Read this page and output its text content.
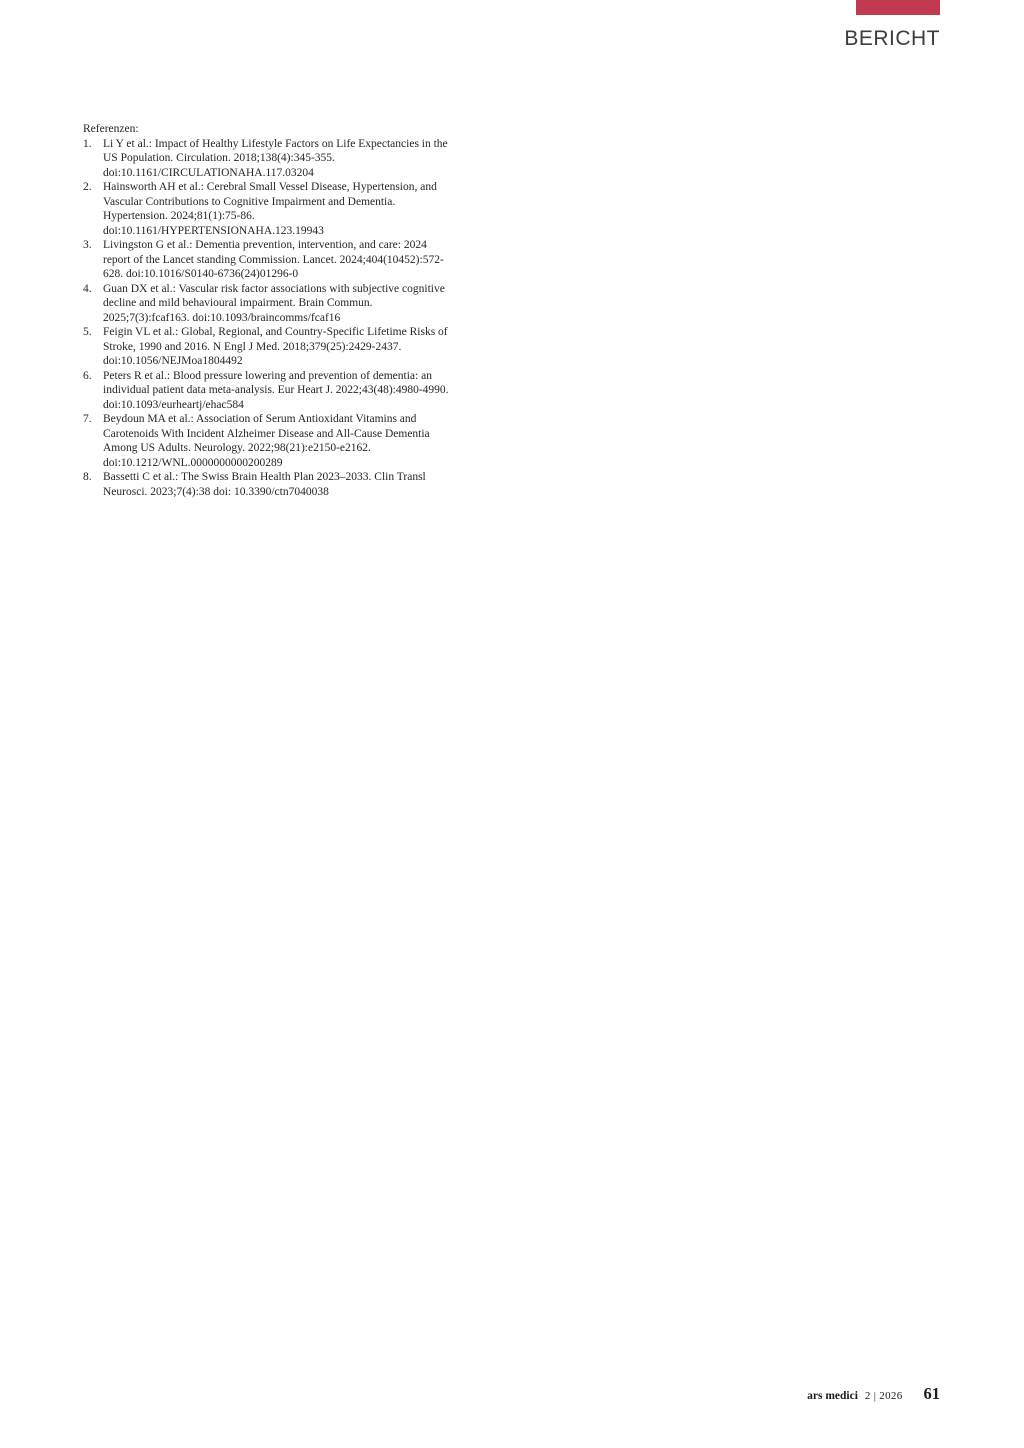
BERICHT

Referenzen:

1. Li Y et al.: Impact of Healthy Lifestyle Factors on Life Expectancies in the US Population. Circulation. 2018;138(4):345-355. doi:10.1161/CIRCULATIONAHA.117.03204
2. Hainsworth AH et al.: Cerebral Small Vessel Disease, Hypertension, and Vascular Contributions to Cognitive Impairment and Dementia. Hypertension. 2024;81(1):75-86. doi:10.1161/HYPERTENSIONAHA.123.19943
3. Livingston G et al.: Dementia prevention, intervention, and care: 2024 report of the Lancet standing Commission. Lancet. 2024;404(10452):572-628. doi:10.1016/S0140-6736(24)01296-0
4. Guan DX et al.: Vascular risk factor associations with subjective cognitive decline and mild behavioural impairment. Brain Commun. 2025;7(3):fcaf163. doi:10.1093/braincomms/fcaf16
5. Feigin VL et al.: Global, Regional, and Country-Specific Lifetime Risks of Stroke, 1990 and 2016. N Engl J Med. 2018;379(25):2429-2437. doi:10.1056/NEJMoa1804492
6. Peters R et al.: Blood pressure lowering and prevention of dementia: an individual patient data meta-analysis. Eur Heart J. 2022;43(48):4980-4990. doi:10.1093/eurheartj/ehac584
7. Beydoun MA et al.: Association of Serum Antioxidant Vitamins and Carotenoids With Incident Alzheimer Disease and All-Cause Dementia Among US Adults. Neurology. 2022;98(21):e2150-e2162. doi:10.1212/WNL.0000000000200289
8. Bassetti C et al.: The Swiss Brain Health Plan 2023–2033. Clin Transl Neurosci. 2023;7(4):38 doi: 10.3390/ctn7040038
ars medici 2 | 2026 61
